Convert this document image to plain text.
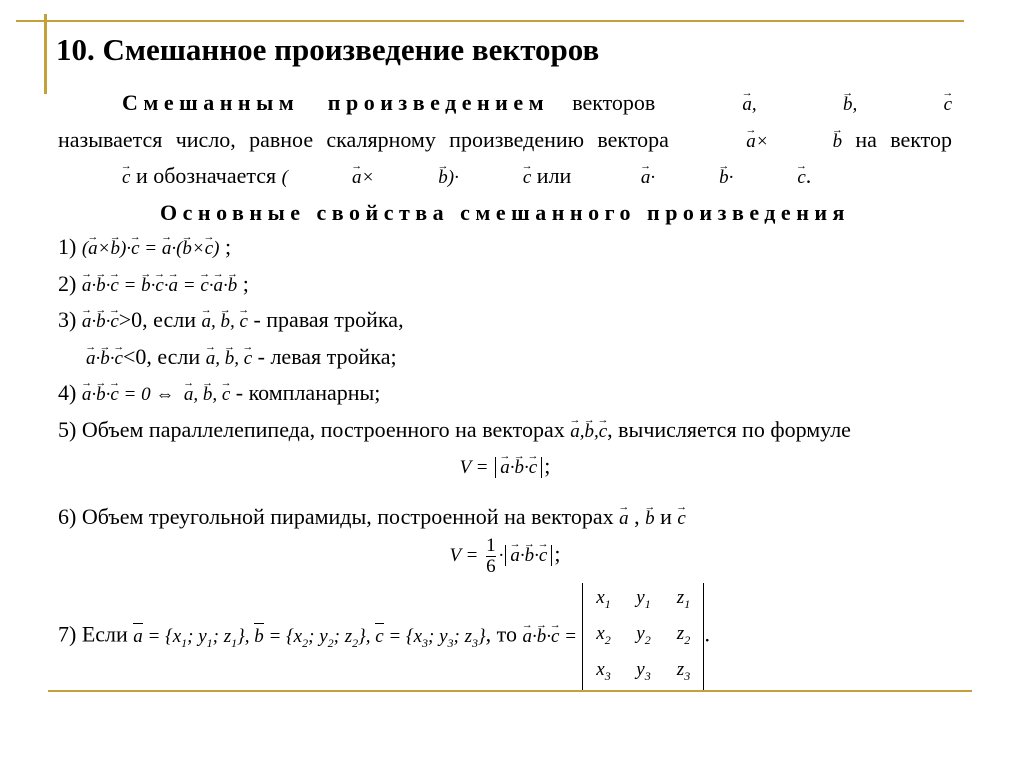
10. Смешанное произведение векторов
Смешанным произведением векторов →	a, →	b, →	c называется число, равное скалярному произведению вектора →	a×→	b на вектор → c и обозначается (→	a×→	b)·→	c или →	a·→	b·→	c.
Основные свойства смешанного произведения
1) (→ a×→ b)·→ c = → a·(→ b×→ c) ;
2) → a·→ b·→ c = → b·→ c·→ a = → c·→ a·→ b ;
3) → a·→ b·→ c>0, если → a, → b, → c - правая тройка,
→ a·→ b·→ c<0, если → a, → b, → c - левая тройка;
4) → a·→ b·→ c = 0 ⇔  → a, → b, → c - компланарны;
5) Объем параллелепипеда, построенного на векторах → a,→ b,→ c, вычисляется по формуле
V = → a·→ b·→ c ;
6) Объем треугольной пирамиды, построенной на векторах → a , → b и → c
$V = \frac{1}{6} \cdot\to a\cdot\to b\cdot\to c$ ;
7) Если $a = \{x_1$; $y_1$; $z_1$}, $b = \{x_2$; $y_2$; $z_2$}, $c = \{x_3$; $y_3$; $z_3$}, то → a·→ b·→ c =
$x_1$	$y_1$	$z_1$
$x_2$	$y_2$	$z_2$
$x_3$	$y_3$	$z_3$
.
